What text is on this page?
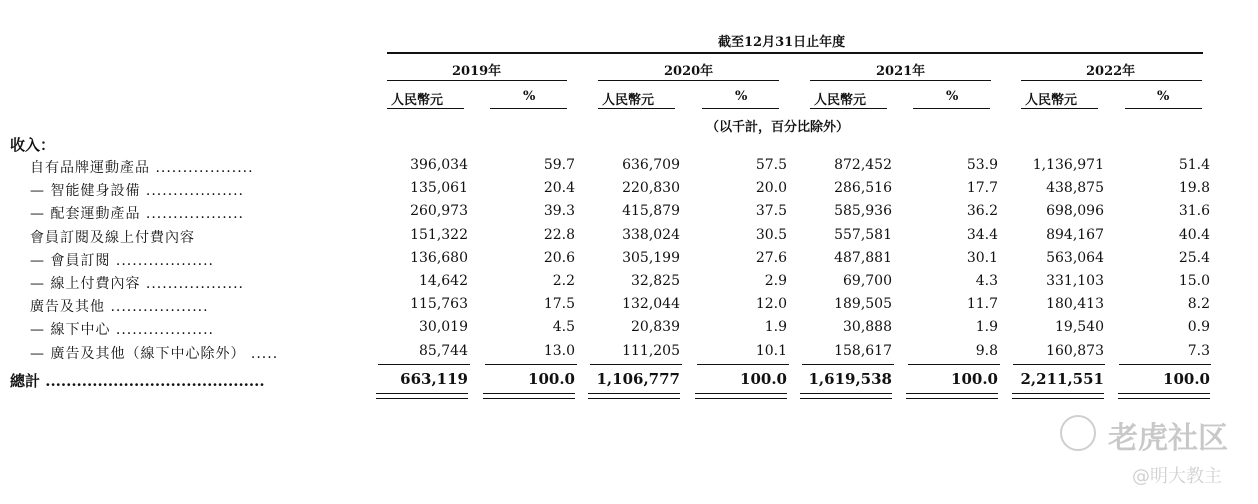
截至12月31日止年度
2019年	2020年	2021年	2022年
人民幣元	%	人民幣元	%	人民幣元	%	人民幣元	%
（以千計，百分比除外）
收入：
自有品牌運動產品 ..................	396,034	59.7	636,709	57.5	872,452	53.9 1,136,971	51.4
— 智能健身設備 ..................	135,061	20.4	220,830	20.0	286,516	17.7	438,875	19.8
— 配套運動產品 ..................	260,973	39.3	415,879	37.5	585,936	36.2	698,096	31.6
會員訂閱及線上付費內容	151,322	22.8	338,024	30.5	557,581	34.4	894,167	40.4
— 會員訂閱 ..................	136,680	20.6	305,199	27.6	487,881	30.1	563,064	25.4
— 線上付費內容 ..................	14,642	2.2	32,825	2.9	69,700	4.3	331,103	15.0
廣告及其他 ..................	115,763	17.5	132,044	12.0	189,505	11.7	180,413	8.2
— 線下中心 ..................	30,019	4.5	20,839	1.9	30,888	1.9	19,540	0.9
— 廣告及其他（線下中心除外） .....	85,744	13.0	111,205	10.1	158,617	9.8	160,873	7.3
總計 ..........................................	663,119	100.0 1,106,777	100.0 1,619,538	100.0 2,211,551	100.0
老虎社区
@明大教主
